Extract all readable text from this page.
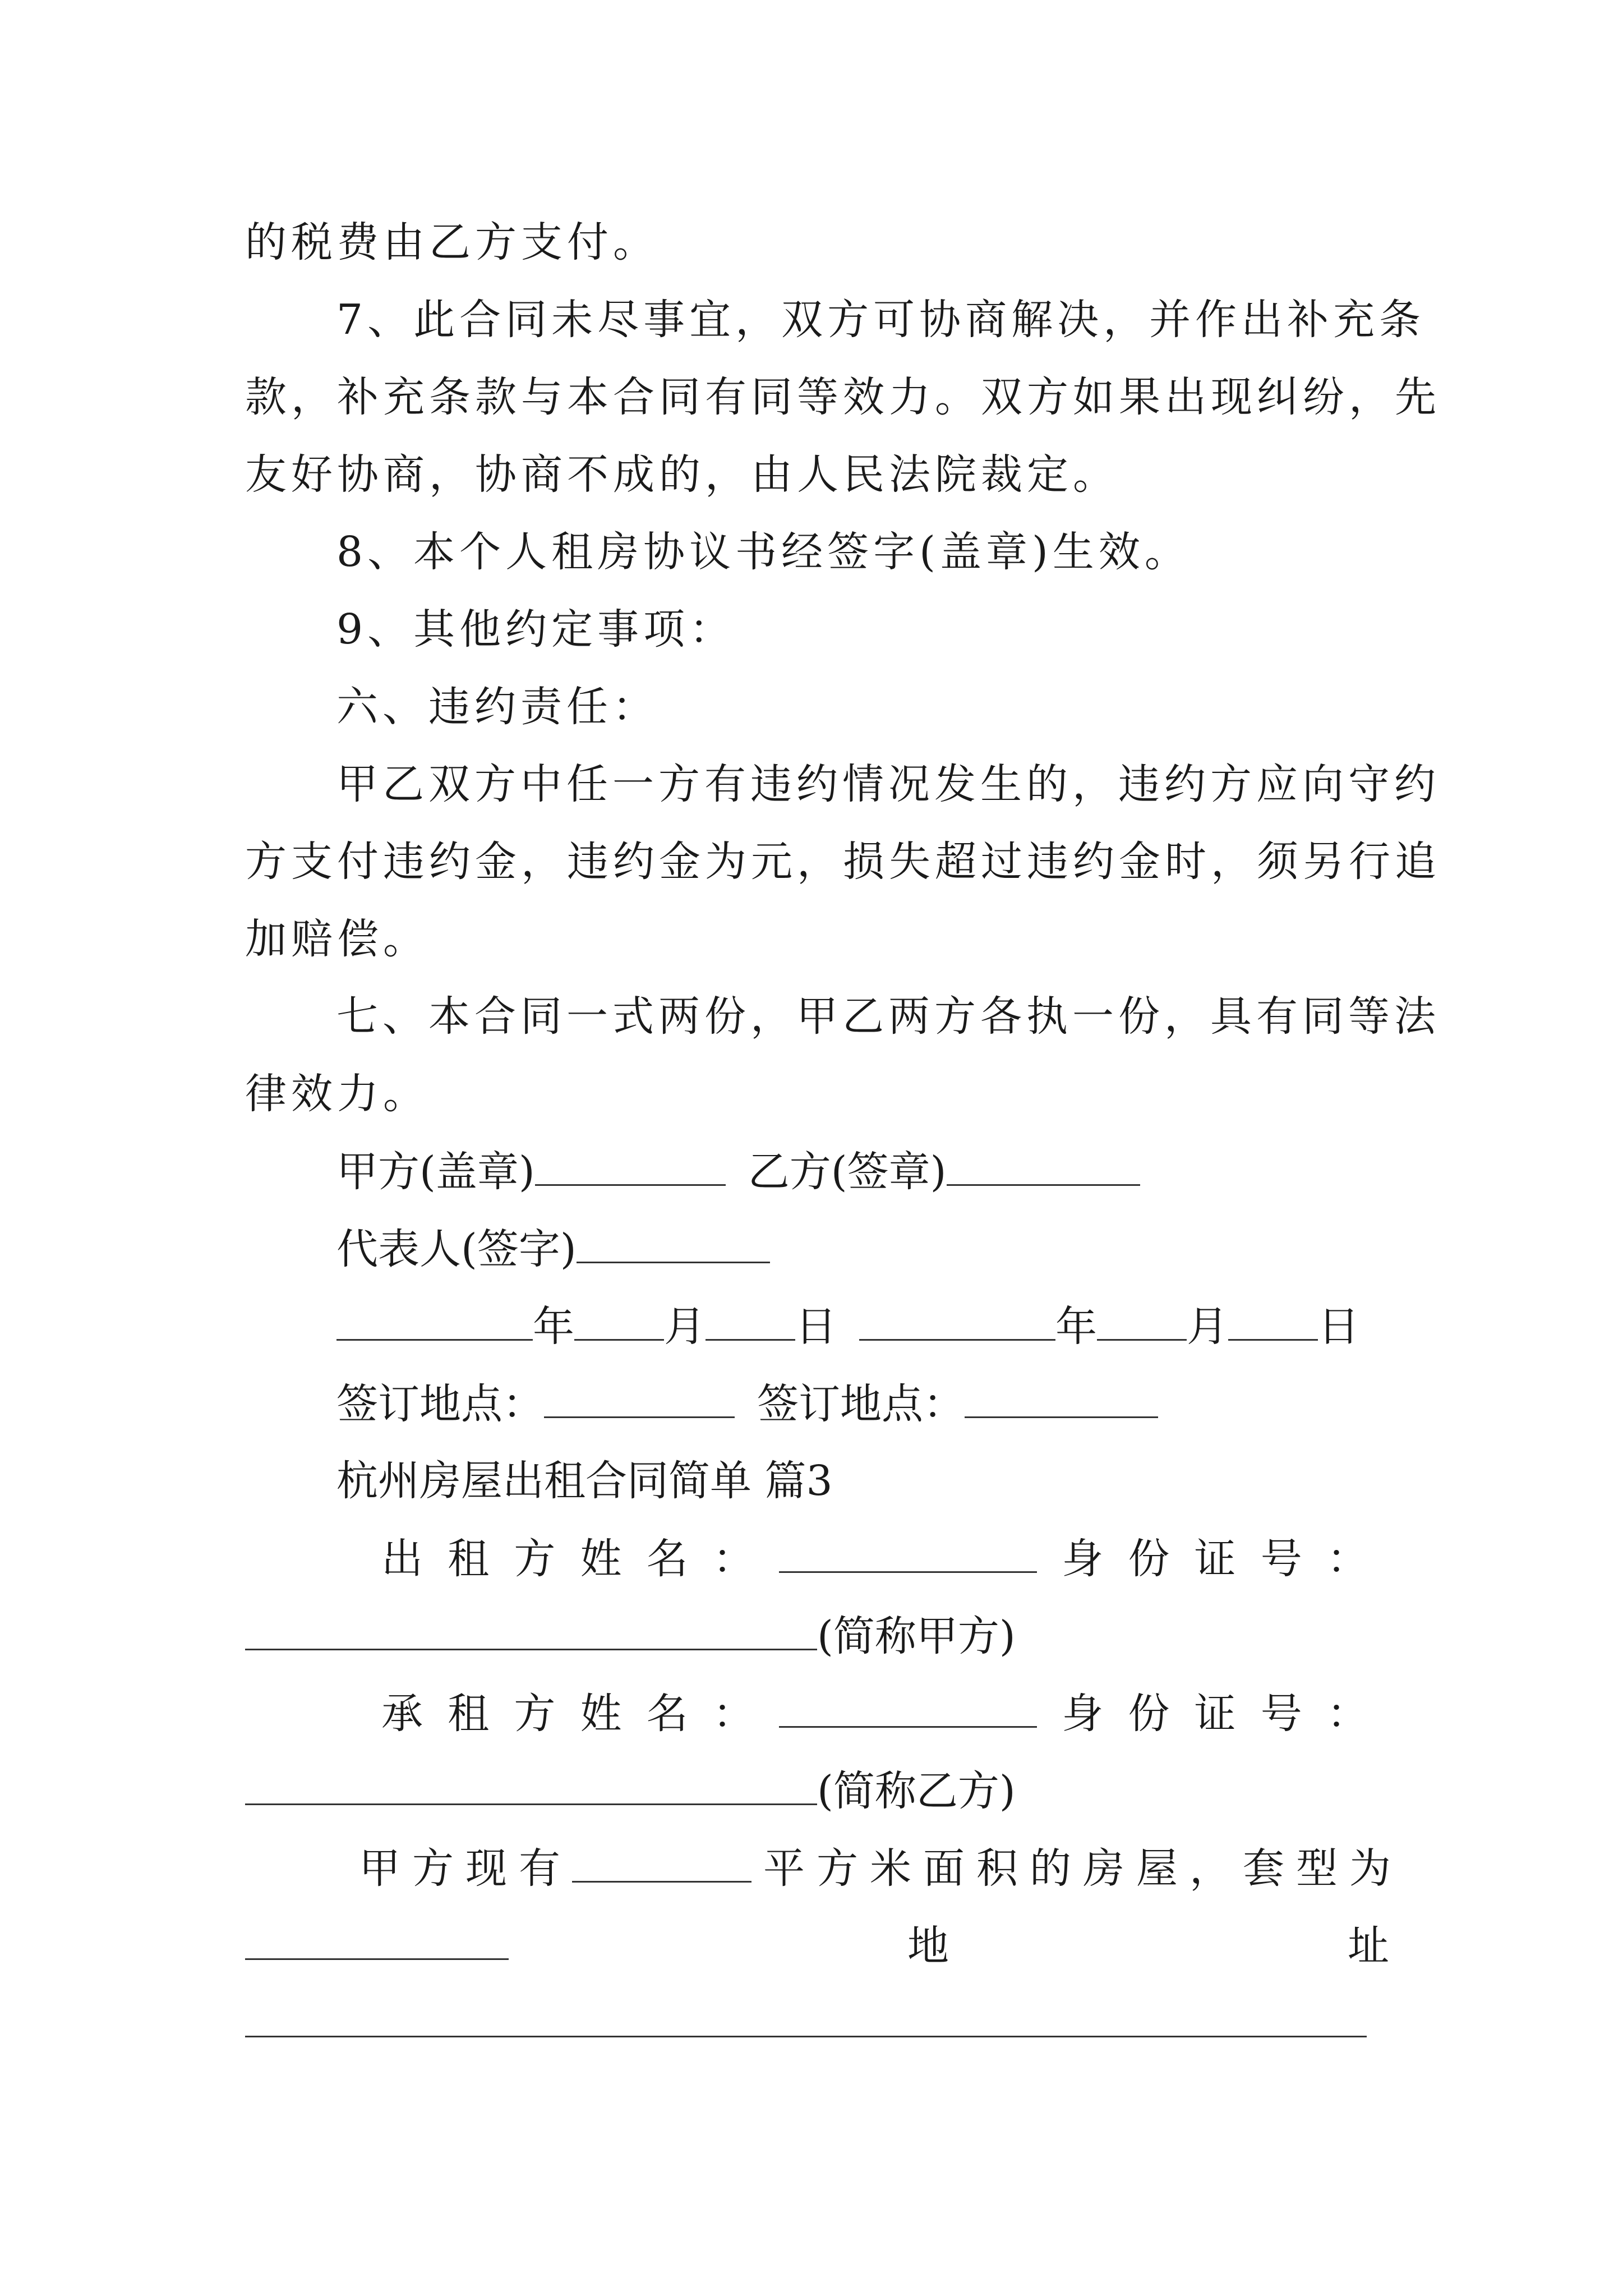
的税费由乙方支付。
7、此合同未尽事宜，双方可协商解决，并作出补充条
款，补充条款与本合同有同等效力。双方如果出现纠纷，先
友好协商，协商不成的，由人民法院裁定。
8、本个人租房协议书经签字(盖章)生效。
9、其他约定事项：
六、违约责任：
甲乙双方中任一方有违约情况发生的，违约方应向守约
方支付违约金，违约金为元，损失超过违约金时，须另行追
加赔偿。
七、本合同一式两份，甲乙两方各执一份，具有同等法
律效力。
甲方(盖章)	乙方(签章)
代表人(签字)
年 月 日	年 月 日
签订地点：	签订地点：
杭州房屋出租合同简单 篇3
出 租 方 姓 名 ：	身 份 证 号 ：
(简称甲方)
承 租 方 姓 名 ：	身 份 证 号 ：
(简称乙方)
甲 方 现 有	平 方 米 面 积 的 房 屋 ， 套 型 为
地	址
